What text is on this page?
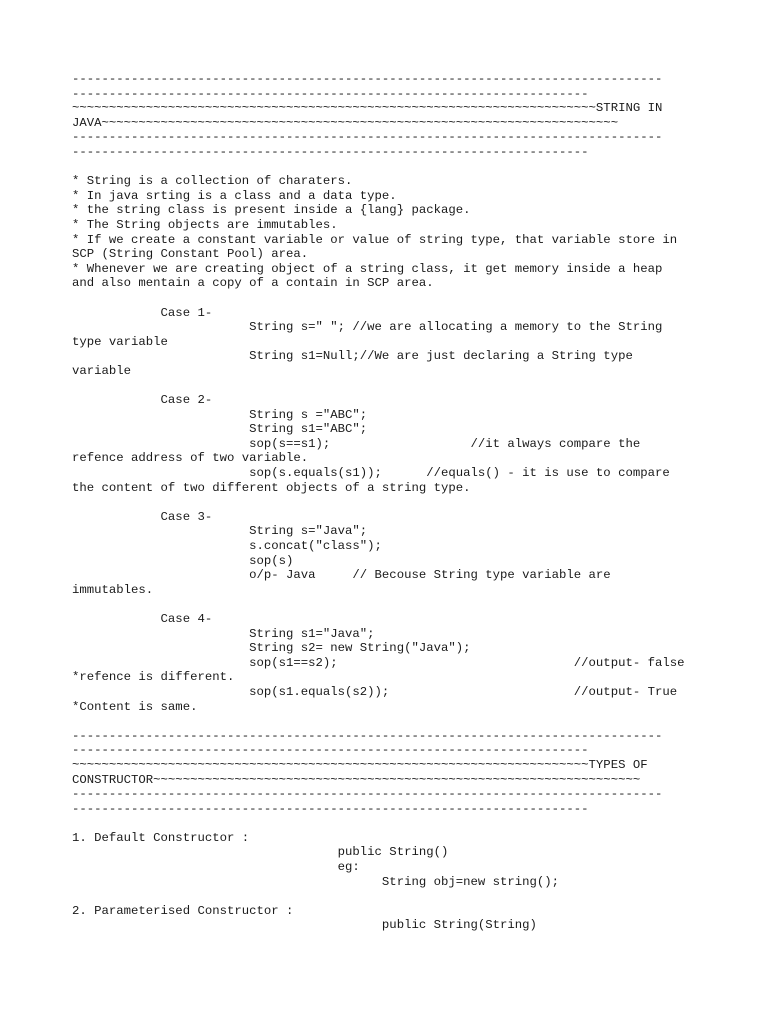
--------------------------------------------------------------------------------
----------------------------------------------------------------------
~~~~~~~~~~~~~~~~~~~~~~~~~~~~~~~~~~~~~~~~~~~~~~~~~~~~~~~~~~~~~~~~~~~~~~~STRING IN
JAVA~~~~~~~~~~~~~~~~~~~~~~~~~~~~~~~~~~~~~~~~~~~~~~~~~~~~~~~~~~~~~~~~~~~~~~
--------------------------------------------------------------------------------
----------------------------------------------------------------------
* String is a collection of charaters.
* In java srting is a class and a data type.
* the string class is present inside a {lang} package.
* The String objects are immutables.
* If we create a constant variable or value of string type, that variable store in
SCP (String Constant Pool) area.
* Whenever we are creating object of a string class, it get memory inside a heap
and also mentain a copy of a contain in SCP area.
Case 1-
String s=" "; //we are allocating a memory to the String
type variable
String s1=Null;//We are just declaring a String type
variable
Case 2-
String s ="ABC";
String s1="ABC";
sop(s==s1);                   //it always compare the
refence address of two variable.
sop(s.equals(s1));      //equals() - it is use to compare
the content of two different objects of a string type.
Case 3-
String s="Java";
s.concat("class");
sop(s)
o/p- Java     // Becouse String type variable are
immutables.
Case 4-
String s1="Java";
String s2= new String("Java");
sop(s1==s2);                                //output- false
*refence is different.
sop(s1.equals(s2));                         //output- True
*Content is same.
--------------------------------------------------------------------------------
----------------------------------------------------------------------
~~~~~~~~~~~~~~~~~~~~~~~~~~~~~~~~~~~~~~~~~~~~~~~~~~~~~~~~~~~~~~~~~~~~~~TYPES OF
CONSTRUCTOR~~~~~~~~~~~~~~~~~~~~~~~~~~~~~~~~~~~~~~~~~~~~~~~~~~~~~~~~~~~~~~~~~~
--------------------------------------------------------------------------------
----------------------------------------------------------------------
1. Default Constructor :
public String()
eg:
String obj=new string();
2. Parameterised Constructor :
public String(String)
